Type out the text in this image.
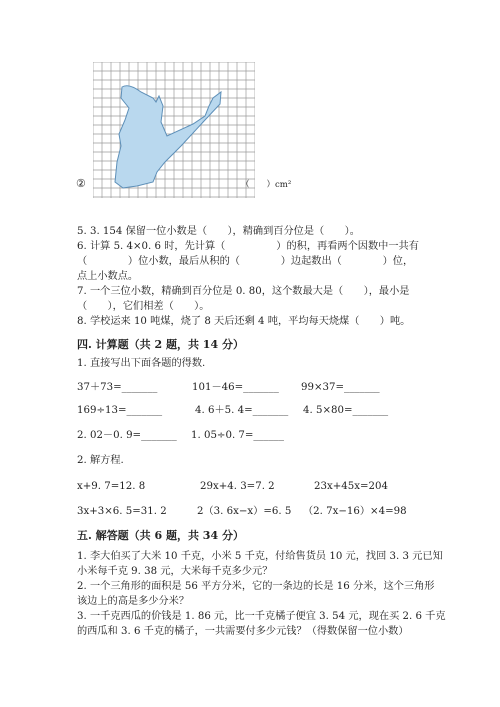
②	（　　）cm²
5. 3. 154 保留一位小数是（　　），精确到百分位是（　　）。
6. 计算 5. 4×0. 6 时，先计算（　　　　　）的积，再看两个因数中一共有
（　　　　）位小数，最后从积的（　　　　）边起数出（　　　　）位，
点上小数点。
7. 一个三位小数，精确到百分位是 0. 80，这个数最大是（　　），最小是
（　　），它们相差（　　）。
8. 学校运来 10 吨煤，烧了 8 天后还剩 4 吨，平均每天烧煤（　　）吨。
四. 计算题（共 2 题，共 14 分）
1. 直接写出下面各题的得数.
37＋73=_______	101－46=_______ 99×37=_______
169÷13=_______	4. 6＋5. 4=_______ 4. 5×80=_______
2. 02－0. 9=_______ 1. 05÷0. 7=______
2. 解方程.
x+9. 7=12. 8	29x+4. 3=7. 2	23x+45x=204
3x+3×6. 5=31. 2	2（3. 6x−x）=6. 5 （2. 7x−16）×4=98
五. 解答题（共 6 题，共 34 分）
1. 李大伯买了大米 10 千克，小米 5 千克，付给售货员 10 元，找回 3. 3 元已知
小米每千克 9. 38 元，大米每千克多少元？
2. 一个三角形的面积是 56 平方分米，它的一条边的长是 16 分米，这个三角形
该边上的高是多少分米？
3. 一千克西瓜的价钱是 1. 86 元，比一千克橘子便宜 3. 54 元，现在买 2. 6 千克
的西瓜和 3. 6 千克的橘子，一共需要付多少元钱？（得数保留一位小数）
